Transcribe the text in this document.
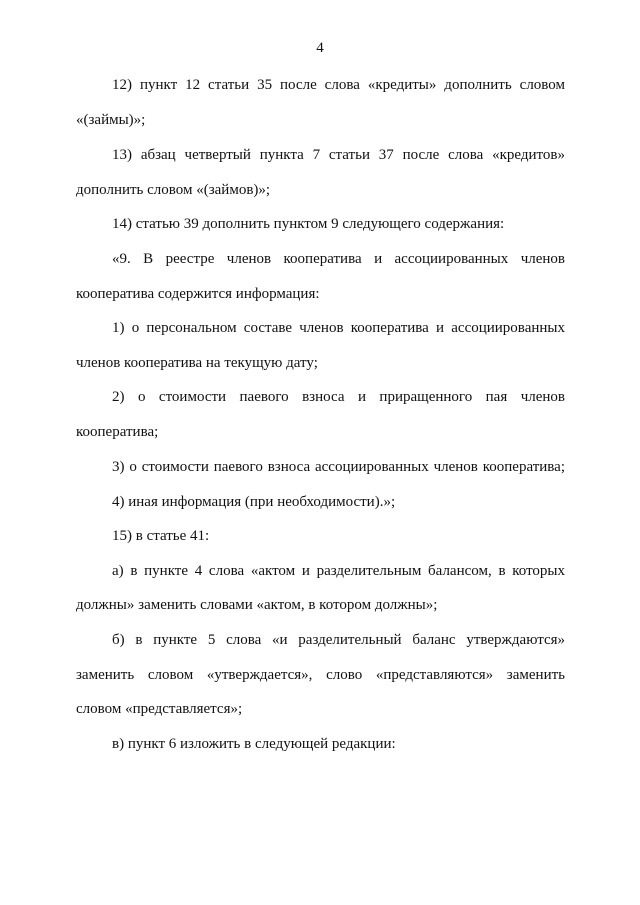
4
12) пункт 12 статьи 35 после слова «кредиты» дополнить словом
«(займы)»;
13) абзац четвертый пункта 7 статьи 37 после слова «кредитов»
дополнить словом «(займов)»;
14) статью 39 дополнить пунктом 9 следующего содержания:
«9. В реестре членов кооператива и ассоциированных членов
кооператива содержится информация:
1) о персональном составе членов кооператива и ассоциированных
членов кооператива на текущую дату;
2) о стоимости паевого взноса и приращенного пая членов
кооператива;
3) о стоимости паевого взноса ассоциированных членов кооператива;
4) иная информация (при необходимости).»;
15) в статье 41:
а) в пункте 4 слова «актом и разделительным балансом, в которых
должны» заменить словами «актом, в котором должны»;
б) в пункте 5 слова «и разделительный баланс утверждаются»
заменить словом «утверждается», слово «представляются» заменить
словом «представляется»;
в) пункт 6 изложить в следующей редакции:
